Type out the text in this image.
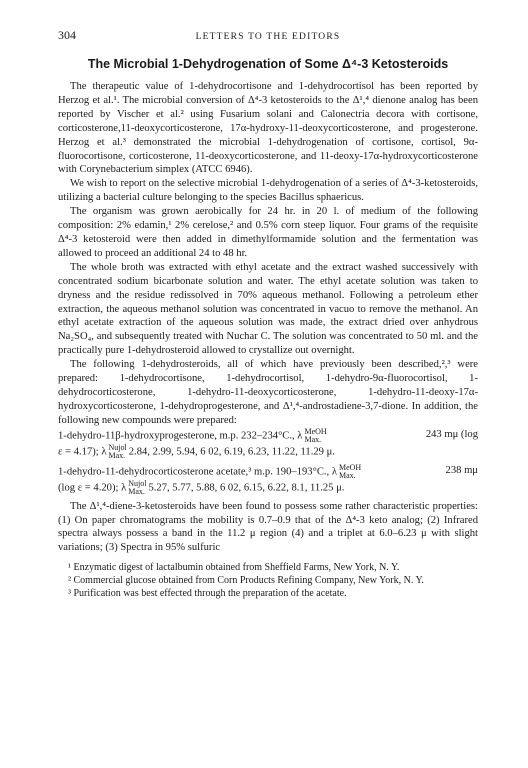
304	LETTERS TO THE EDITORS
The Microbial 1-Dehydrogenation of Some Δ⁴-3 Ketosteroids

The therapeutic value of 1-dehydrocortisone and 1-dehydrocortisol has been reported by Herzog et al.¹. The microbial conversion of Δ⁴-3 ketosteroids to the Δ¹,⁴ dienone analog has been reported by Vischer et al.² using Fusarium solani and Calonectria decora with cortisone, corticosterone,11-deoxycorticosterone, 17α-hydroxy-11-deoxycorticosterone, and progesterone. Herzog et al.³ demonstrated the microbial 1-dehydrogenation of cortisone, cortisol, 9α-fluorocortisone, corticosterone, 11-deoxycorticosterone, and 11-deoxy-17α-hydroxycorticosterone with Corynebacterium simplex (ATCC 6946).

We wish to report on the selective microbial 1-dehydrogenation of a series of Δ⁴-3-ketosteroids, utilizing a bacterial culture belonging to the species Bacillus sphaericus.

The organism was grown aerobically for 24 hr. in 20 l. of medium of the following composition: 2% edamin,¹ 2% cerelose,² and 0.5% corn steep liquor. Four grams of the requisite Δ⁴-3 ketosteroid were then added in dimethylformamide solution and the fermentation was allowed to proceed an additional 24 to 48 hr.

The whole broth was extracted with ethyl acetate and the extract washed successively with concentrated sodium bicarbonate solution and water. The ethyl acetate solution was taken to dryness and the residue redissolved in 70% aqueous methanol. Following a petroleum ether extraction, the aqueous methanol solution was concentrated in vacuo to remove the methanol. An ethyl acetate extraction of the aqueous solution was made, the extract dried over anhydrous Na₂SO₄, and subsequently treated with Nuchar C. The solution was concentrated to 50 ml. and the practically pure 1-dehydrosteroid allowed to crystallize out overnight.

The following 1-dehydrosteroids, all of which have previously been described,²,³ were prepared: 1-dehydrocortisone, 1-dehydrocortisol, 1-dehydro-9α-fluorocortisol, 1-dehydrocorticosterone, 1-dehydro-11-deoxycorticosterone, 1-dehydro-11-deoxy-17α-hydroxycorticosterone, 1-dehydroprogesterone, and Δ¹,⁴-androstadiene-3,7-dione. In addition, the following new compounds were prepared:

1-dehydro-11β-hydroxyprogesterone, m.p. 232–234°C., λ MeOH
Max.	243 mμ (log
ε = 4.17); λ Nujol
Max. 2.84, 2.99, 5.94, 6 02, 6.19, 6.23, 11.22, 11.29 μ.
1-dehydro-11-dehydrocorticosterone acetate,³ m.p. 190–193°C., λ MeOH
Max.	238 mμ
(log ε = 4.20); λ Nujol
Max. 5.27, 5.77, 5.88, 6 02, 6.15, 6.22, 8.1, 11.25 μ.

The Δ¹,⁴-diene-3-ketosteroids have been found to possess some rather characteristic properties: (1) On paper chromatograms the mobility is 0.7–0.9 that of the Δ⁴-3 keto analog; (2) Infrared spectra always possess a band in the 11.2 μ region (4) and a triplet at 6.0–6.23 μ with slight variations; (3) Spectra in 95% sulfuric

¹ Enzymatic digest of lactalbumin obtained from Sheffield Farms, New York, N. Y.

² Commercial glucose obtained from Corn Products Refining Company, New York, N. Y.

³ Purification was best effected through the preparation of the acetate.
